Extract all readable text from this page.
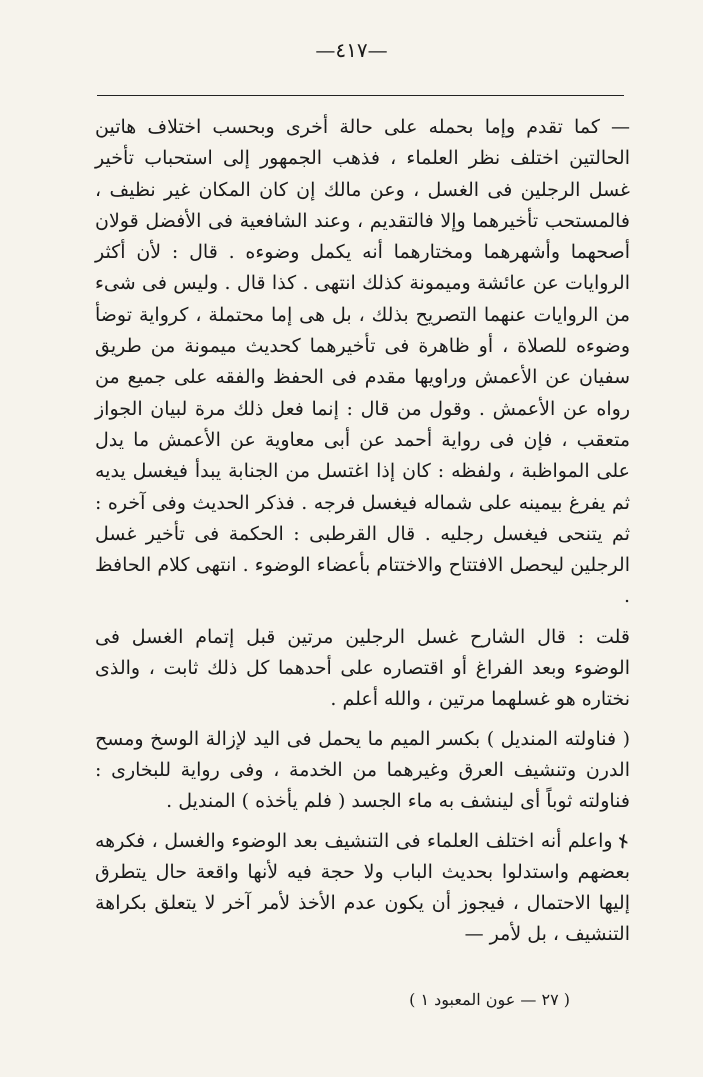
—٤١٧—

— كما تقدم وإما بحمله على حالة أخرى وبحسب اختلاف هاتين الحالتين اختلف نظر العلماء ، فذهب الجمهور إلى استحباب تأخير غسل الرجلين فى الغسل ، وعن مالك إن كان المكان غير نظيف ، فالمستحب تأخيرهما وإلا فالتقديم ، وعند الشافعية فى الأفضل قولان أصحهما وأشهرهما ومختارهما أنه يكمل وضوءه . قال : لأن أكثر الروايات عن عائشة وميمونة كذلك انتهى . كذا قال . وليس فى شىء من الروايات عنهما التصريح بذلك ، بل هى إما محتملة ، كرواية توضأ وضوءه للصلاة ، أو ظاهرة فى تأخيرهما كحديث ميمونة من طريق سفيان عن الأعمش وراويها مقدم فى الحفظ والفقه على جميع من رواه عن الأعمش . وقول من قال : إنما فعل ذلك مرة لبيان الجواز متعقب ، فإن فى رواية أحمد عن أبى معاوية عن الأعمش ما يدل على المواظبة ، ولفظه : كان إذا اغتسل من الجنابة يبدأ فيغسل يديه ثم يفرغ بيمينه على شماله فيغسل فرجه . فذكر الحديث وفى آخره : ثم يتنحى فيغسل رجليه . قال القرطبى : الحكمة فى تأخير غسل الرجلين ليحصل الافتتاح والاختتام بأعضاء الوضوء . انتهى كلام الحافظ .

قلت : قال الشارح غسل الرجلين مرتين قبل إتمام الغسل فى الوضوء وبعد الفراغ أو اقتصاره على أحدهما كل ذلك ثابت ، والذى نختاره هو غسلهما مرتين ، والله أعلم .

( فناولته المنديل ) بكسر الميم ما يحمل فى اليد لإزالة الوسخ ومسح الدرن وتنشيف العرق وغيرهما من الخدمة ، وفى رواية للبخارى : فناولته ثوباً أى لينشف به ماء الجسد ( فلم يأخذه ) المنديل .

✗واعلم أنه اختلف العلماء فى التنشيف بعد الوضوء والغسل ، فكرهه بعضهم واستدلوا بحديث الباب ولا حجة فيه لأنها واقعة حال يتطرق إليها الاحتمال ، فيجوز أن يكون عدم الأخذ لأمر آخر لا يتعلق بكراهة التنشيف ، بل لأمر —

( ٢٧ — عون المعبود ١ )
